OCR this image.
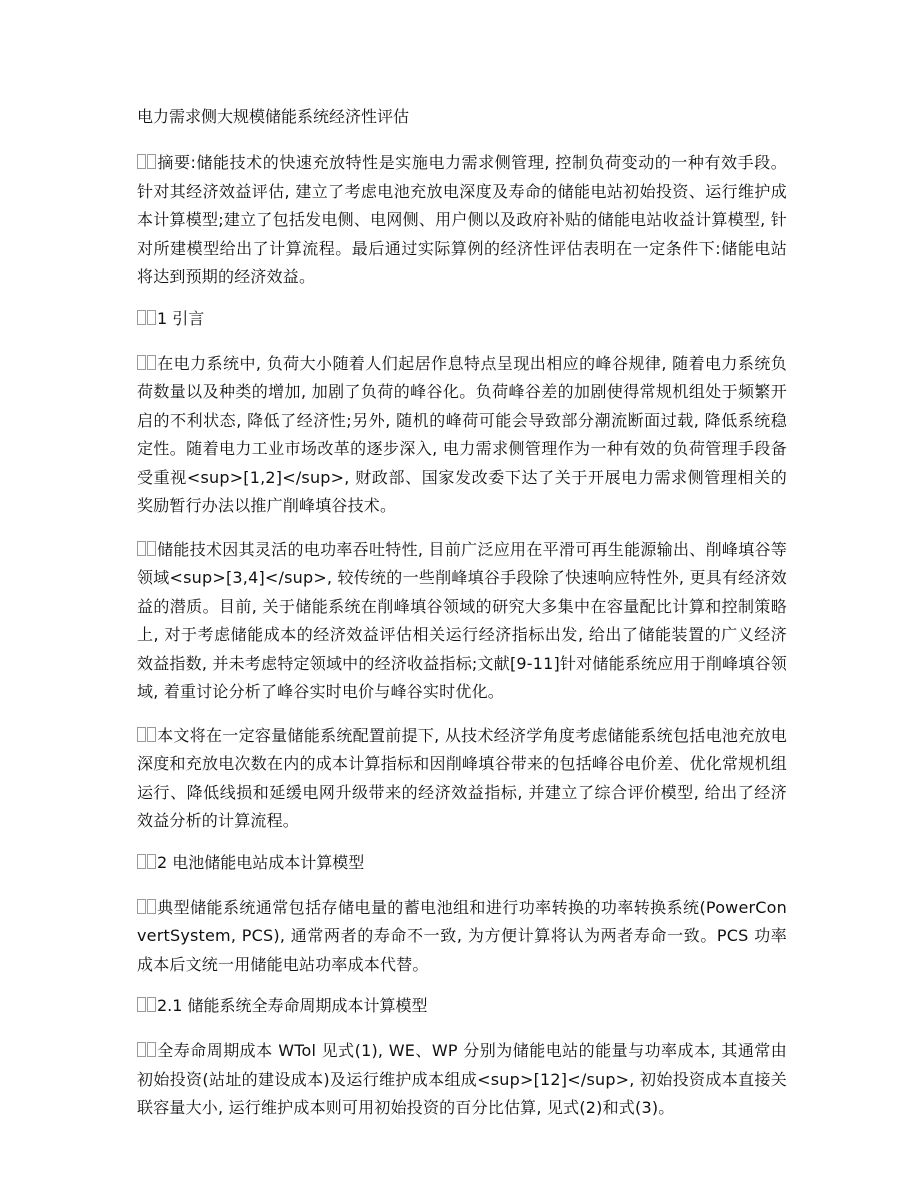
电力需求侧大规模储能系统经济性评估

摘要:储能技术的快速充放特性是实施电力需求侧管理, 控制负荷变动的一种有效手段。针对其经济效益评估, 建立了考虑电池充放电深度及寿命的储能电站初始投资、运行维护成本计算模型;建立了包括发电侧、电网侧、用户侧以及政府补贴的储能电站收益计算模型, 针对所建模型给出了计算流程。最后通过实际算例的经济性评估表明在一定条件下:储能电站将达到预期的经济效益。

1 引言

在电力系统中, 负荷大小随着人们起居作息特点呈现出相应的峰谷规律, 随着电力系统负荷数量以及种类的增加, 加剧了负荷的峰谷化。负荷峰谷差的加剧使得常规机组处于频繁开启的不利状态, 降低了经济性;另外, 随机的峰荷可能会导致部分潮流断面过载, 降低系统稳定性。随着电力工业市场改革的逐步深入, 电力需求侧管理作为一种有效的负荷管理手段备受重视<sup>[1,2]</sup>, 财政部、国家发改委下达了关于开展电力需求侧管理相关的奖励暂行办法以推广削峰填谷技术。

储能技术因其灵活的电功率吞吐特性, 目前广泛应用在平滑可再生能源输出、削峰填谷等领域<sup>[3,4]</sup>, 较传统的一些削峰填谷手段除了快速响应特性外, 更具有经济效益的潜质。目前, 关于储能系统在削峰填谷领域的研究大多集中在容量配比计算和控制策略上, 对于考虑储能成本的经济效益评估相关运行经济指标出发, 给出了储能装置的广义经济效益指数, 并未考虑特定领域中的经济收益指标;文献[9-11]针对储能系统应用于削峰填谷领域, 着重讨论分析了峰谷实时电价与峰谷实时优化。

本文将在一定容量储能系统配置前提下, 从技术经济学角度考虑储能系统包括电池充放电深度和充放电次数在内的成本计算指标和因削峰填谷带来的包括峰谷电价差、优化常规机组运行、降低线损和延缓电网升级带来的经济效益指标, 并建立了综合评价模型, 给出了经济效益分析的计算流程。

2 电池储能电站成本计算模型

典型储能系统通常包括存储电量的蓄电池组和进行功率转换的功率转换系统(PowerConvertSystem, PCS), 通常两者的寿命不一致, 为方便计算将认为两者寿命一致。PCS 功率成本后文统一用储能电站功率成本代替。

2.1 储能系统全寿命周期成本计算模型

全寿命周期成本 WTol 见式(1), WE、WP 分别为储能电站的能量与功率成本, 其通常由初始投资(站址的建设成本)及运行维护成本组成<sup>[12]</sup>, 初始投资成本直接关联容量大小, 运行维护成本则可用初始投资的百分比估算, 见式(2)和式(3)。
